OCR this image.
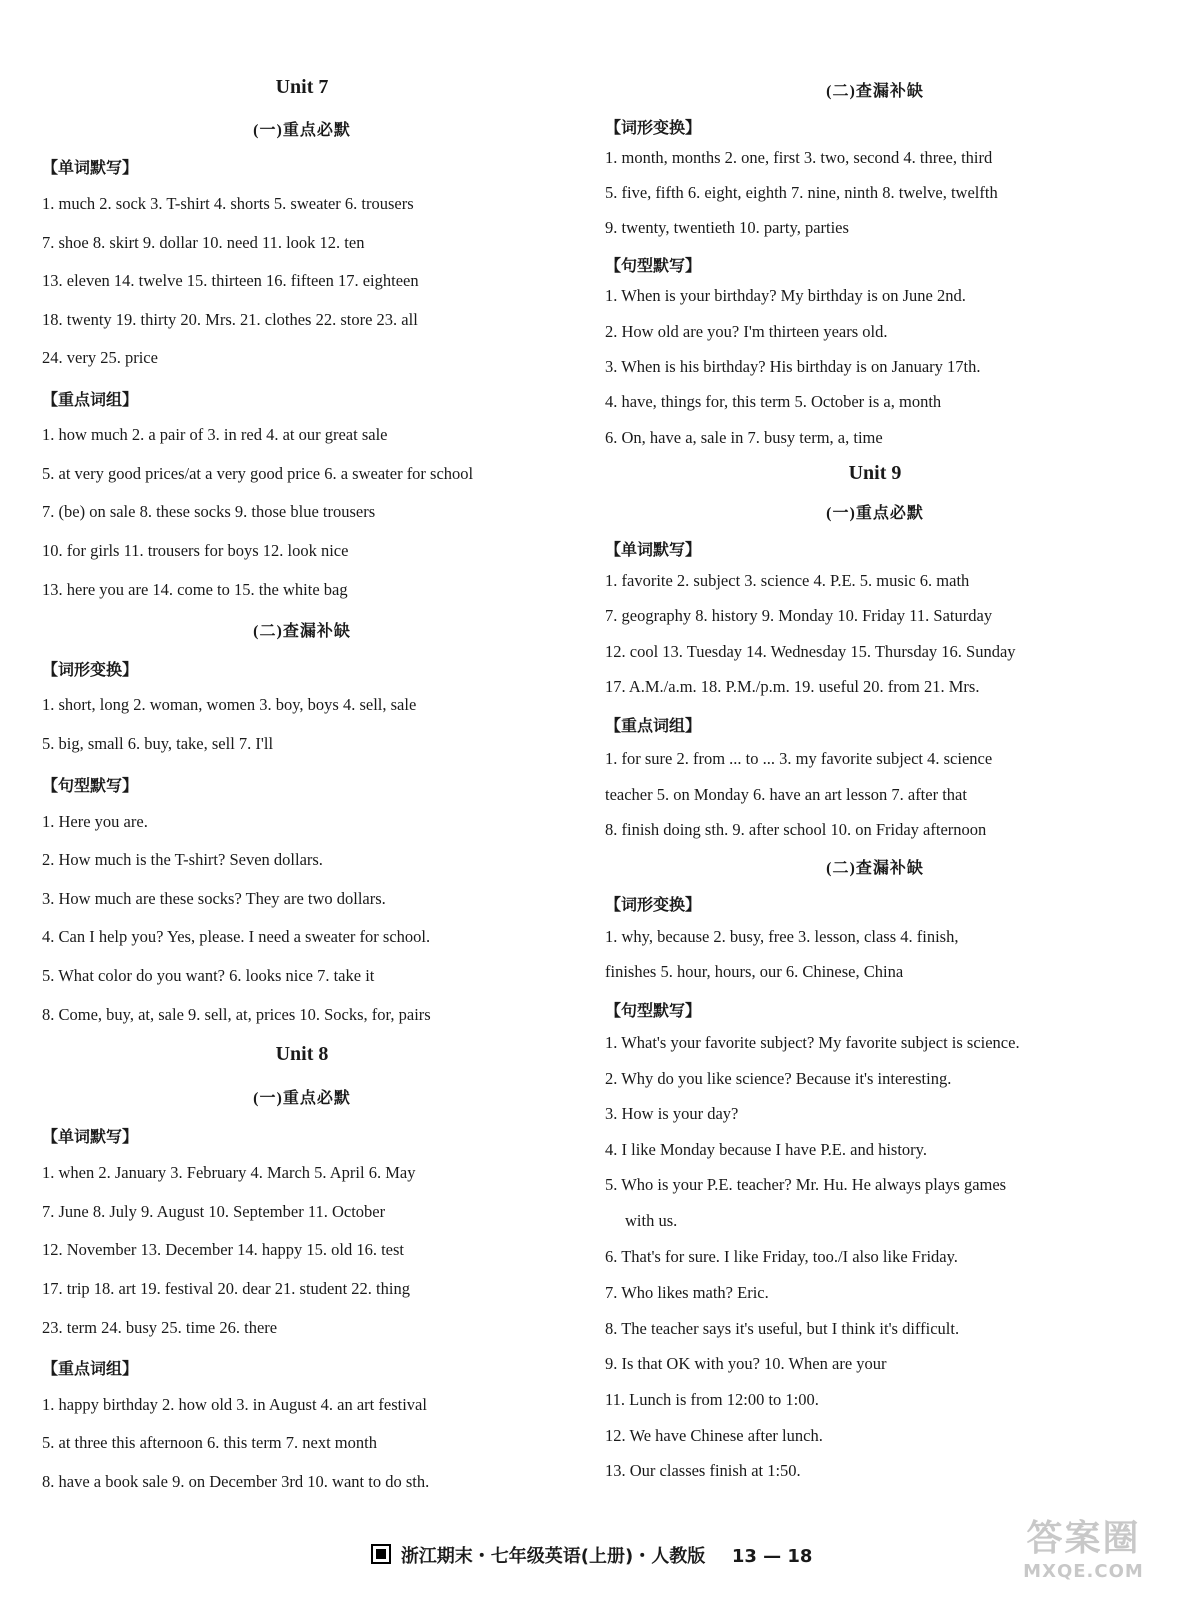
Unit 7
(一)重点必默
【单词默写】
1. much 2. sock 3. T-shirt 4. shorts 5. sweater 6. trousers
7. shoe 8. skirt 9. dollar 10. need 11. look 12. ten
13. eleven 14. twelve 15. thirteen 16. fifteen 17. eighteen
18. twenty 19. thirty 20. Mrs. 21. clothes 22. store 23. all
24. very 25. price
【重点词组】
1. how much 2. a pair of 3. in red 4. at our great sale
5. at very good prices/at a very good price 6. a sweater for school
7. (be) on sale 8. these socks 9. those blue trousers
10. for girls 11. trousers for boys 12. look nice
13. here you are 14. come to 15. the white bag
(二)查漏补缺
【词形变换】
1. short, long 2. woman, women 3. boy, boys 4. sell, sale
5. big, small 6. buy, take, sell 7. I'll
【句型默写】
1. Here you are.
2. How much is the T-shirt? Seven dollars.
3. How much are these socks? They are two dollars.
4. Can I help you? Yes, please. I need a sweater for school.
5. What color do you want? 6. looks nice 7. take it
8. Come, buy, at, sale 9. sell, at, prices 10. Socks, for, pairs
Unit 8
(一)重点必默
【单词默写】
1. when 2. January 3. February 4. March 5. April 6. May
7. June 8. July 9. August 10. September 11. October
12. November 13. December 14. happy 15. old 16. test
17. trip 18. art 19. festival 20. dear 21. student 22. thing
23. term 24. busy 25. time 26. there
【重点词组】
1. happy birthday 2. how old 3. in August 4. an art festival
5. at three this afternoon 6. this term 7. next month
8. have a book sale 9. on December 3rd 10. want to do sth.
(二)查漏补缺
【词形变换】
1. month, months 2. one, first 3. two, second 4. three, third
5. five, fifth 6. eight, eighth 7. nine, ninth 8. twelve, twelfth
9. twenty, twentieth 10. party, parties
【句型默写】
1. When is your birthday? My birthday is on June 2nd.
2. How old are you? I'm thirteen years old.
3. When is his birthday? His birthday is on January 17th.
4. have, things for, this term 5. October is a, month
6. On, have a, sale in 7. busy term, a, time
Unit 9
(一)重点必默
【单词默写】
1. favorite 2. subject 3. science 4. P.E. 5. music 6. math
7. geography 8. history 9. Monday 10. Friday 11. Saturday
12. cool 13. Tuesday 14. Wednesday 15. Thursday 16. Sunday
17. A.M./a.m. 18. P.M./p.m. 19. useful 20. from 21. Mrs.
【重点词组】
1. for sure 2. from ... to ... 3. my favorite subject 4. science
teacher 5. on Monday 6. have an art lesson 7. after that
8. finish doing sth. 9. after school 10. on Friday afternoon
(二)查漏补缺
【词形变换】
1. why, because 2. busy, free 3. lesson, class 4. finish,
finishes 5. hour, hours, our 6. Chinese, China
【句型默写】
1. What's your favorite subject? My favorite subject is science.
2. Why do you like science? Because it's interesting.
3. How is your day?
4. I like Monday because I have P.E. and history.
5. Who is your P.E. teacher? Mr. Hu. He always plays games
with us.
6. That's for sure. I like Friday, too./I also like Friday.
7. Who likes math? Eric.
8. The teacher says it's useful, but I think it's difficult.
9. Is that OK with you? 10. When are your
11. Lunch is from 12:00 to 1:00.
12. We have Chinese after lunch.
13. Our classes finish at 1:50.
浙江期末・七年级英语(上册)・人教版 13 — 18	答案圈
MXQE.COM
